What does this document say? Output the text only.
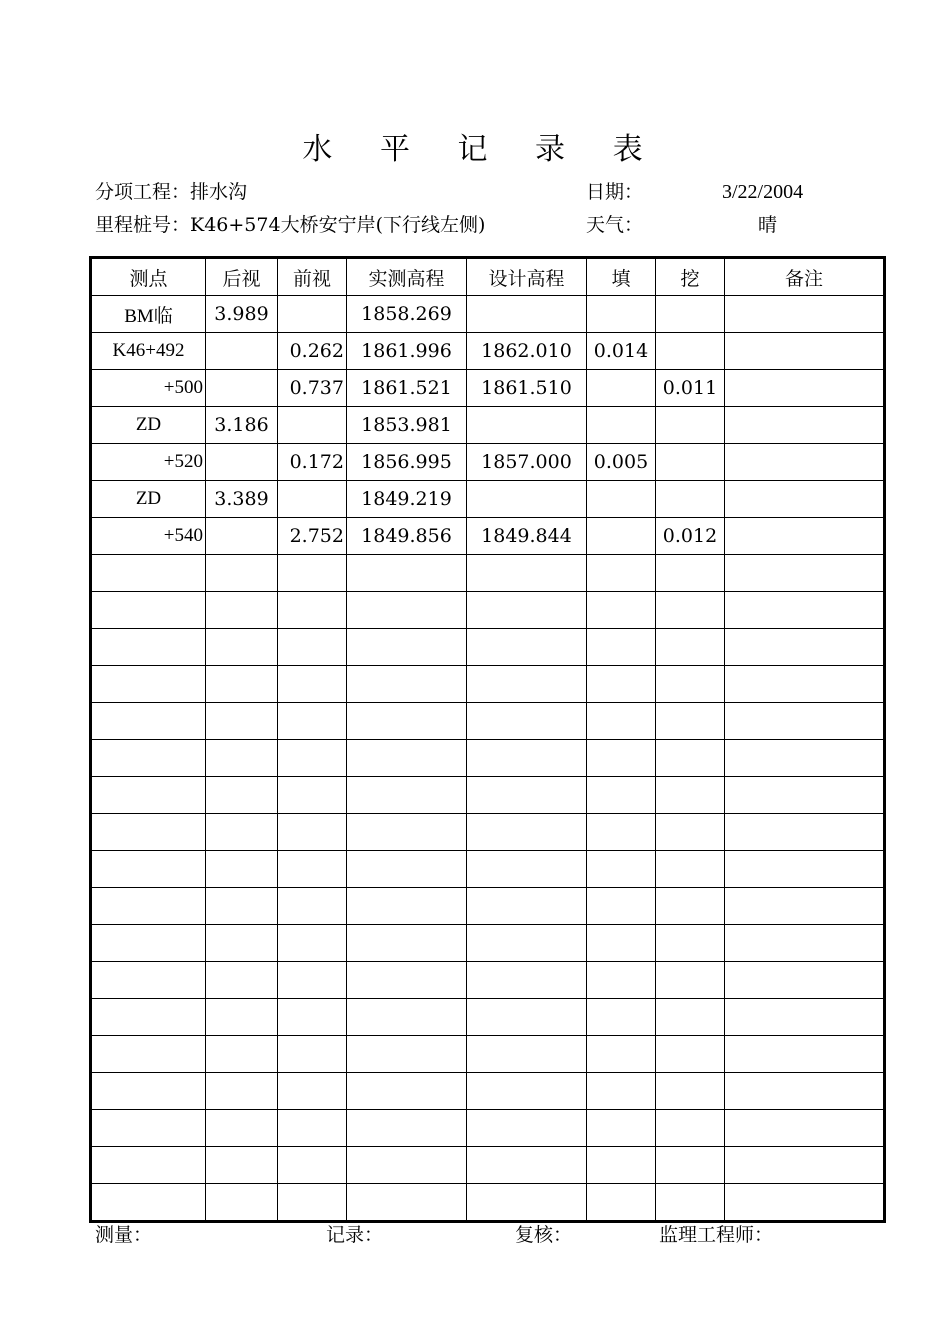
水 平 记 录 表
分项工程：排水沟	日期：	3/22/2004
里程桩号：K46+574大桥安宁岸(下行线左侧)	天气：	晴
测点	后视	前视	实测高程	设计高程	填	挖	备注
BM临	3.989		1858.269				
K46+492		0.262	1861.996	1862.010	0.014		
+500		0.737	1861.521	1861.510		0.011	
ZD	3.186		1853.981				
+520		0.172	1856.995	1857.000	0.005		
ZD	3.389		1849.219				
+540		2.752	1849.856	1849.844		0.012	

测量：	记录：	复核：	监理工程师：
